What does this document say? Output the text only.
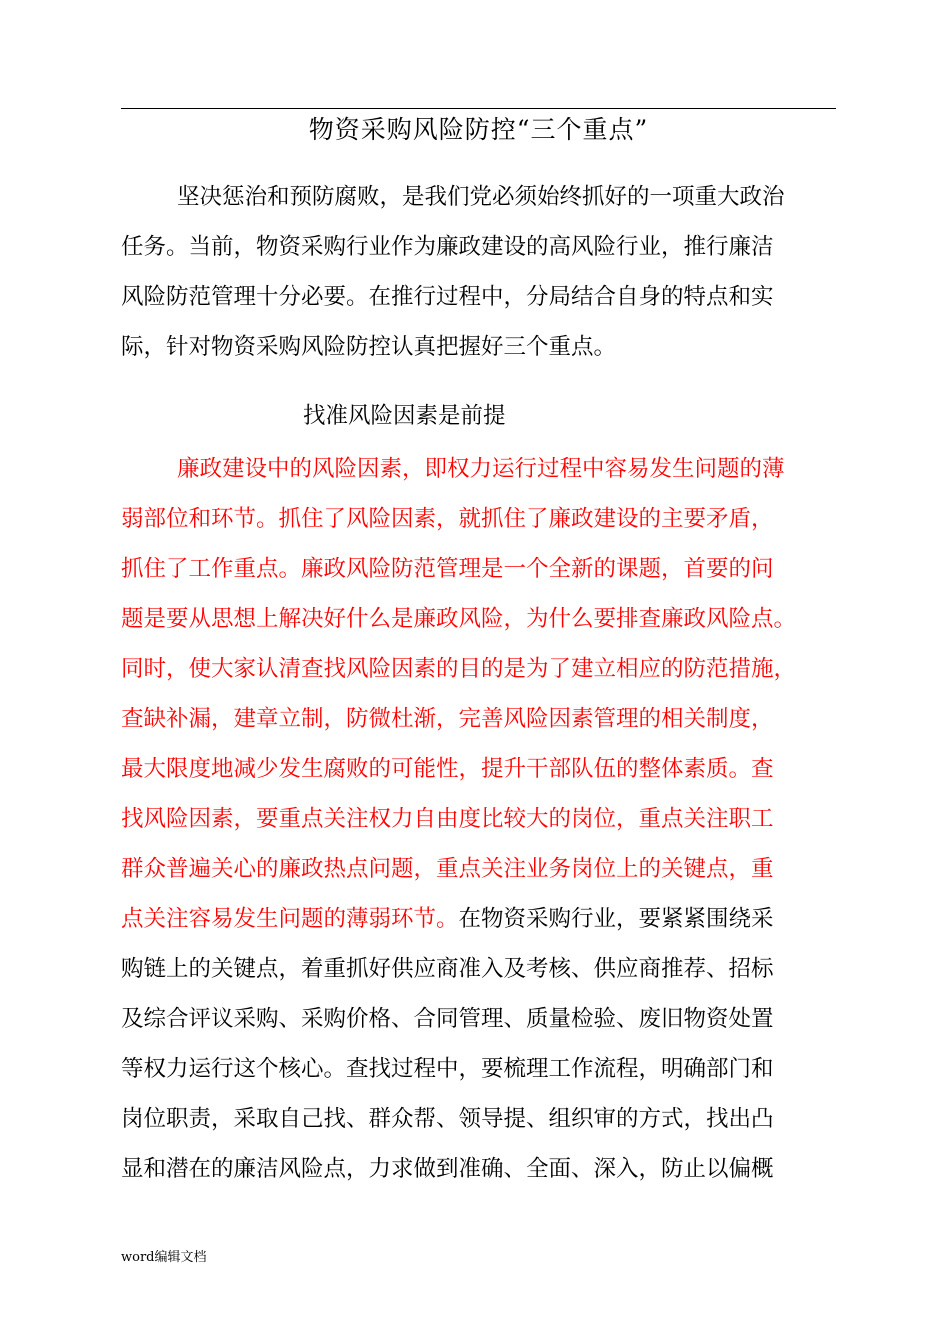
物资采购风险防控“三个重点”
坚决惩治和预防腐败，是我们党必须始终抓好的一项重大政治
任务。当前，物资采购行业作为廉政建设的高风险行业，推行廉洁
风险防范管理十分必要。在推行过程中，分局结合自身的特点和实
际，针对物资采购风险防控认真把握好三个重点。
找准风险因素是前提
廉政建设中的风险因素，即权力运行过程中容易发生问题的薄
弱部位和环节。抓住了风险因素，就抓住了廉政建设的主要矛盾，
抓住了工作重点。廉政风险防范管理是一个全新的课题，首要的问
题是要从思想上解决好什么是廉政风险，为什么要排查廉政风险点。
同时，使大家认清查找风险因素的目的是为了建立相应的防范措施，
查缺补漏，建章立制，防微杜渐，完善风险因素管理的相关制度，
最大限度地减少发生腐败的可能性，提升干部队伍的整体素质。查
找风险因素，要重点关注权力自由度比较大的岗位，重点关注职工
群众普遍关心的廉政热点问题，重点关注业务岗位上的关键点，重
点关注容易发生问题的薄弱环节。在物资采购行业，要紧紧围绕采
购链上的关键点，着重抓好供应商准入及考核、供应商推荐、招标
及综合评议采购、采购价格、合同管理、质量检验、废旧物资处置
等权力运行这个核心。查找过程中，要梳理工作流程，明确部门和
岗位职责，采取自己找、群众帮、领导提、组织审的方式，找出凸
显和潜在的廉洁风险点，力求做到准确、全面、深入，防止以偏概
word编辑文档
